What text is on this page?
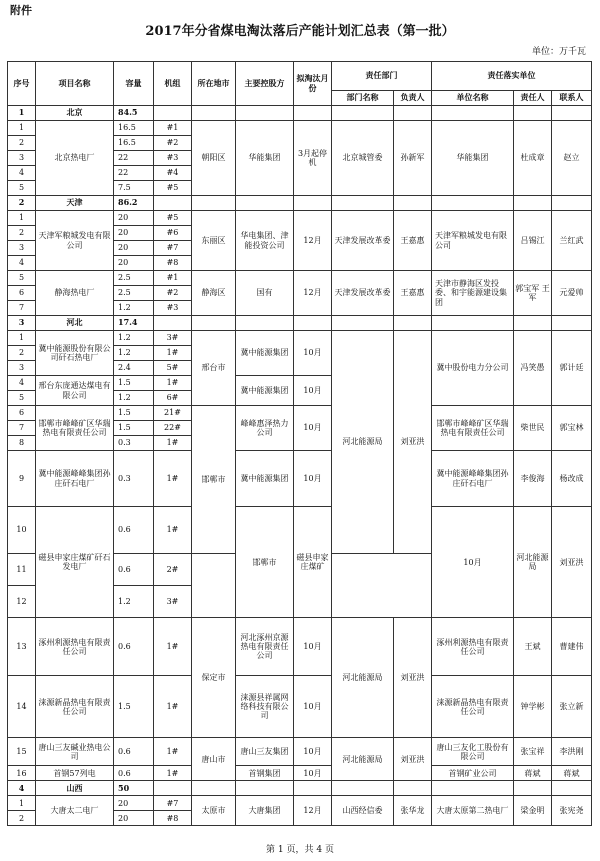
附件
2017年分省煤电淘汰落后产能计划汇总表（第一批）
单位：万千瓦
序号	项目名称	容量	机组	所在地市	主要控股方	拟淘汰月份	责任部门		责任落实单位			
							部门名称	负责人	单位名称	责任人	联系人	
1	北京	84.5										
1	北京热电厂	16.5	#1	朝阳区	华能集团	3月起停机	北京城管委	孙新军	华能集团	杜成章	赵立	
2		16.5	#2									
3		22	#3									
4		22	#4									
5		7.5	#5									
2	天津	86.2										
1	天津军粮城发电有限公司	20	#5	东丽区	华电集团、津能投资公司	12月	天津发展改革委	王嘉惠	天津军粮城发电有限公司	吕锡江	兰红武	
2		20	#6									
3		20	#7									
4		20	#8									
5	静海热电厂	2.5	#1	静海区	国有	12月	天津发展改革委	王嘉惠	天津市静海区发投委、和宇能源建设集团	郭宝军 王军	元爱帅	
6		2.5	#2									
7		1.2	#3									
3	河北	17.4										
1	冀中能源股份有限公司矸石热电厂	1.2	3#	邢台市	冀中能源集团	10月	河北能源局	刘亚洪	冀中股份电力分公司	冯笑愚	郭计廷	
2		1.2	1#									
3		2.4	5#									
4	邢台东庞通达煤电有限公司	1.5	1#		冀中能源集团	10月						
5		1.2	6#									
6	邯郸市峰峰矿区华瑞热电有限责任公司	1.5	21#	邯郸市	峰峰惠泽热力公司	10月			邯郸市峰峰矿区华瑞热电有限责任公司	柴世民	郭宝林	
7		1.5	22#									
8		0.3	1#									
9	冀中能源峰峰集团孙庄矸石电厂	0.3	1#		冀中能源集团	10月			冀中能源峰峰集团孙庄矸石电厂	李俊海	杨改成	
10	磁县申家庄煤矿矸石发电厂	0.6	1#		邯郸市	磁县申家庄煤矿			10月	河北能源局	刘亚洪			
11		0.6	2#									
12		1.2	3#									
13	涿州利源热电有限责任公司	0.6	1#	保定市	河北涿州京源热电有限责任公司	10月	河北能源局	刘亚洪	涿州利源热电有限责任公司	王斌	曹建伟	
14	涞源新晶热电有限责任公司	1.5	1#		涞源县祥属网络科技有限公司	10月			涞源新晶热电有限责任公司	钟学彬	张立新	
15	唐山三友碱业热电公司	0.6	1#	唐山市	唐山三友集团	10月	河北能源局	刘亚洪	唐山三友化工股份有限公司	张宝祥	李洪刚	
16	首钢57列电	0.6	1#		首钢集团	10月			首钢矿业公司	蒋斌	蒋斌	
4	山西	50										
1	大唐太二电厂	20	#7	太原市	大唐集团	12月	山西经信委	张华龙	大唐太原第二热电厂	梁金明	张宪尧	
2		20	#8									
第 1 页，共 4 页
